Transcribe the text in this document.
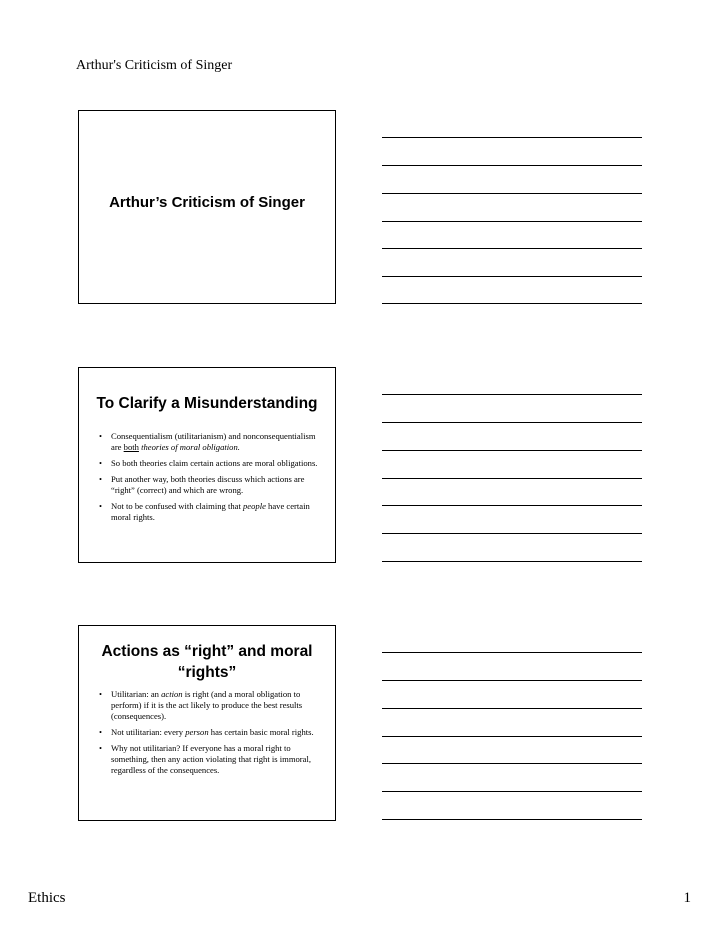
Arthur's Criticism of Singer
Arthur’s Criticism of Singer
To Clarify a Misunderstanding
• Consequentialism (utilitarianism) and nonconsequentialism are both theories of moral obligation.
• So both theories claim certain actions are moral obligations.
• Put another way, both theories discuss which actions are “right” (correct) and which are wrong.
• Not to be confused with claiming that people have certain moral rights.
Actions as “right” and moral “rights”
• Utilitarian: an action is right (and a moral obligation to perform) if it is the act likely to produce the best results (consequences).
• Not utilitarian: every person has certain basic moral rights.
• Why not utilitarian? If everyone has a moral right to something, then any action violating that right is immoral, regardless of the consequences.
Ethics	1
